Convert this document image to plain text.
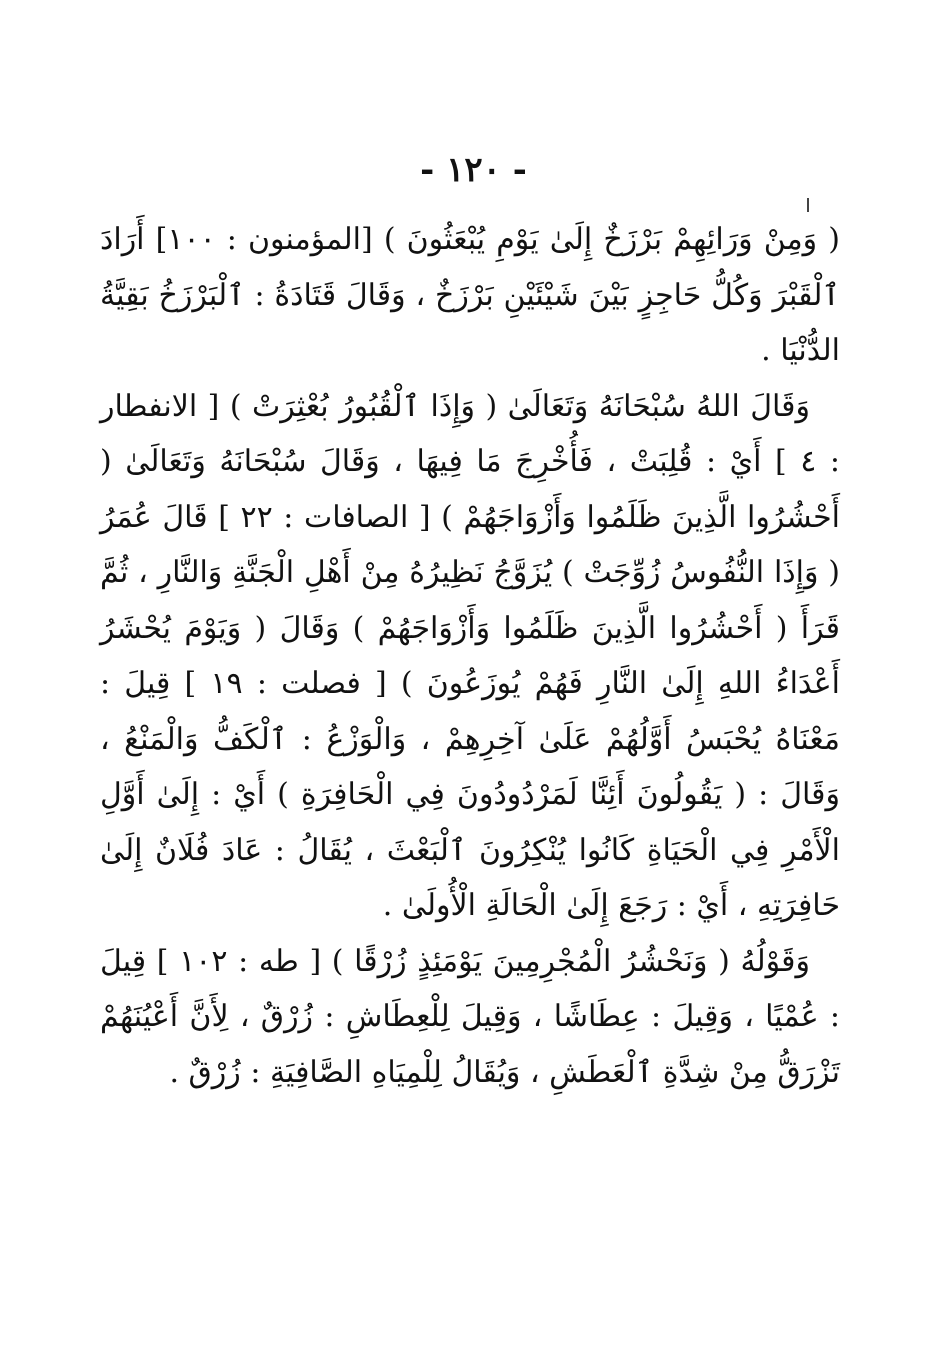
- ١٢٠ -

( وَمِنْ وَرَائِهِمْ بَرْزَخٌ إِلَىٰ يَوْمِ يُبْعَثُونَ ) [المؤمنون : ١٠٠] أَرَادَ ٱلْقَبْرَ وَكُلُّ حَاجِزٍ بَيْنَ شَيْئَيْنِ بَرْزَخٌ ، وَقَالَ قَتَادَةُ : ٱلْبَرْزَخُ بَقِيَّةُ الدُّنْيَا .

وَقَالَ اللهُ سُبْحَانَهُ وَتَعَالَىٰ ( وَإِذَا ٱلْقُبُورُ بُعْثِرَتْ ) [ الانفطار : ٤ ] أَيْ : قُلِبَتْ ، فَأُخْرِجَ مَا فِيهَا ، وَقَالَ سُبْحَانَهُ وَتَعَالَىٰ ( أَحْشُرُوا الَّذِينَ ظَلَمُوا وَأَزْوَاجَهُمْ ) [ الصافات : ٢٢ ] قَالَ عُمَرُ ( وَإِذَا النُّفُوسُ زُوِّجَتْ ) يُزَوَّجُ نَظِيرُهُ مِنْ أَهْلِ الْجَنَّةِ وَالنَّارِ ، ثُمَّ قَرَأَ ( أَحْشُرُوا الَّذِينَ ظَلَمُوا وَأَزْوَاجَهُمْ ) وَقَالَ ( وَيَوْمَ يُحْشَرُ أَعْدَاءُ اللهِ إِلَىٰ النَّارِ فَهُمْ يُوزَعُونَ ) [ فصلت : ١٩ ] قِيلَ : مَعْنَاهُ يُحْبَسُ أَوَّلُهُمْ عَلَىٰ آخِرِهِمْ ، وَالْوَزْعُ : ٱلْكَفُّ وَالْمَنْعُ ، وَقَالَ : ( يَقُولُونَ أَئِنَّا لَمَرْدُودُونَ فِي الْحَافِرَةِ ) أَيْ : إِلَىٰ أَوَّلِ الْأَمْرِ فِي الْحَيَاةِ كَانُوا يُنْكِرُونَ ٱلْبَعْثَ ، يُقَالُ : عَادَ فُلَانٌ إِلَىٰ حَافِرَتِهِ ، أَيْ : رَجَعَ إِلَىٰ الْحَالَةِ الْأُولَىٰ .

وَقَوْلُهُ ( وَنَحْشُرُ الْمُجْرِمِينَ يَوْمَئِذٍ زُرْقًا ) [ طه : ١٠٢ ] قِيلَ : عُمْيًا ، وَقِيلَ : عِطَاشًا ، وَقِيلَ لِلْعِطَاشِ : زُرْقٌ ، لِأَنَّ أَعْيُنَهُمْ تَزْرَقُّ مِنْ شِدَّةِ ٱلْعَطَشِ ، وَيُقَالُ لِلْمِيَاهِ الصَّافِيَةِ : زُرْقٌ .
